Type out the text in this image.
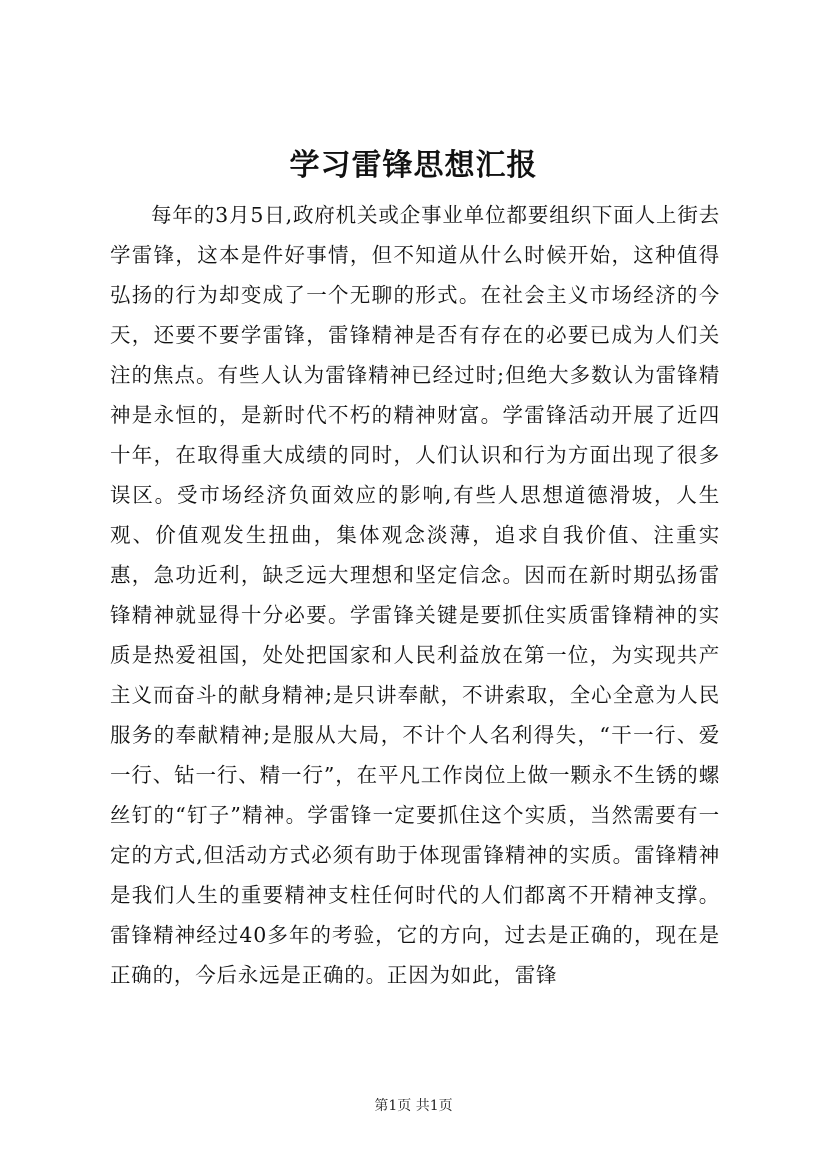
学习雷锋思想汇报
每年的3月5日,政府机关或企事业单位都要组织下面人上街去学雷锋，这本是件好事情，但不知道从什么时候开始，这种值得弘扬的行为却变成了一个无聊的形式。在社会主义市场经济的今天，还要不要学雷锋，雷锋精神是否有存在的必要已成为人们关注的焦点。有些人认为雷锋精神已经过时;但绝大多数认为雷锋精神是永恒的，是新时代不朽的精神财富。学雷锋活动开展了近四十年，在取得重大成绩的同时，人们认识和行为方面出现了很多误区。受市场经济负面效应的影响,有些人思想道德滑坡，人生观、价值观发生扭曲，集体观念淡薄，追求自我价值、注重实惠，急功近利，缺乏远大理想和坚定信念。因而在新时期弘扬雷锋精神就显得十分必要。学雷锋关键是要抓住实质雷锋精神的实质是热爱祖国，处处把国家和人民利益放在第一位，为实现共产主义而奋斗的献身精神;是只讲奉献，不讲索取，全心全意为人民服务的奉献精神;是服从大局，不计个人名利得失，“干一行、爱一行、钻一行、精一行”，在平凡工作岗位上做一颗永不生锈的螺丝钉的“钉子”精神。学雷锋一定要抓住这个实质，当然需要有一定的方式,但活动方式必须有助于体现雷锋精神的实质。雷锋精神是我们人生的重要精神支柱任何时代的人们都离不开精神支撑。雷锋精神经过40多年的考验，它的方向，过去是正确的，现在是正确的，今后永远是正确的。正因为如此，雷锋
第1页 共1页
